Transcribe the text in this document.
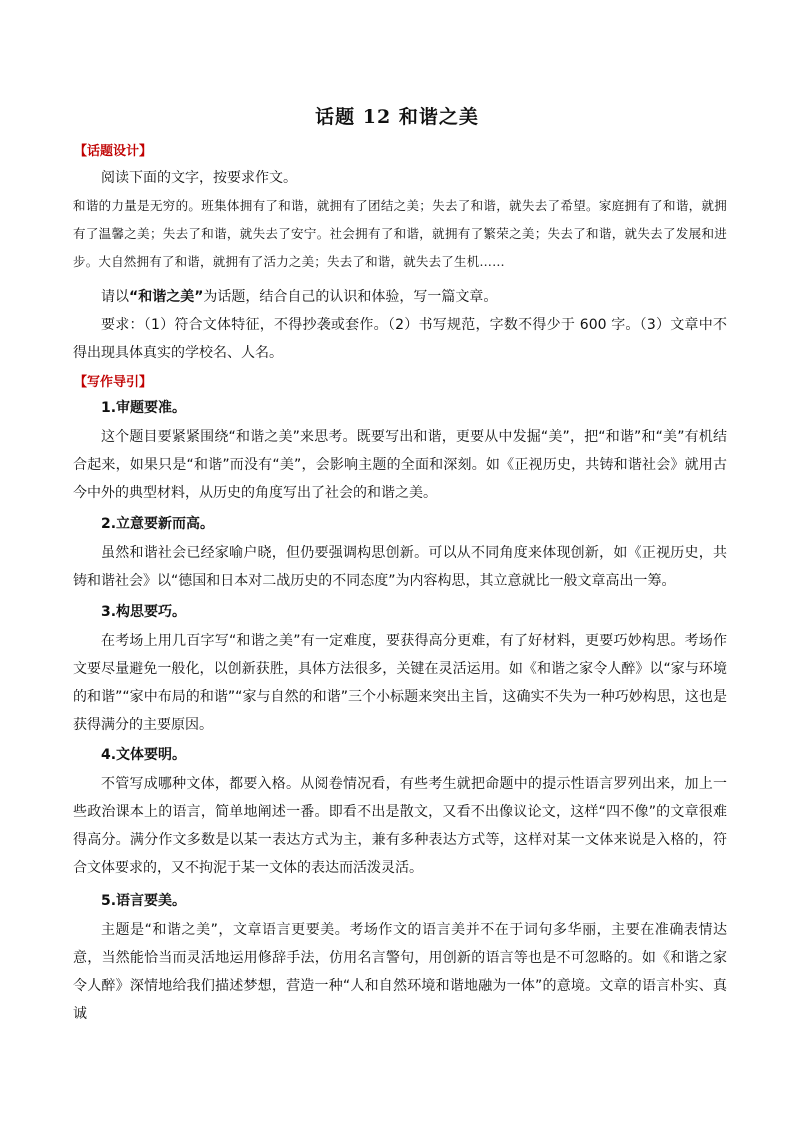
话题 12 和谐之美
【话题设计】
阅读下面的文字，按要求作文。
和谐的力量是无穷的。班集体拥有了和谐，就拥有了团结之美；失去了和谐，就失去了希望。家庭拥有了和谐，就拥有了温馨之美；失去了和谐，就失去了安宁。社会拥有了和谐，就拥有了繁荣之美；失去了和谐，就失去了发展和进步。大自然拥有了和谐，就拥有了活力之美；失去了和谐，就失去了生机……
请以“和谐之美”为话题，结合自己的认识和体验，写一篇文章。
要求：（1）符合文体特征，不得抄袭或套作。（2）书写规范，字数不得少于 600 字。（3）文章中不得出现具体真实的学校名、人名。
【写作导引】
1.审题要准。
这个题目要紧紧围绕“和谐之美”来思考。既要写出和谐，更要从中发掘“美”，把“和谐”和“美”有机结合起来，如果只是“和谐”而没有“美”，会影响主题的全面和深刻。如《正视历史，共铸和谐社会》就用古今中外的典型材料，从历史的角度写出了社会的和谐之美。
2.立意要新而高。
虽然和谐社会已经家喻户晓，但仍要强调构思创新。可以从不同角度来体现创新，如《正视历史，共铸和谐社会》以“德国和日本对二战历史的不同态度”为内容构思，其立意就比一般文章高出一筹。
3.构思要巧。
在考场上用几百字写“和谐之美”有一定难度，要获得高分更难，有了好材料，更要巧妙构思。考场作文要尽量避免一般化，以创新获胜，具体方法很多，关键在灵活运用。如《和谐之家令人醉》以“家与环境的和谐”“家中布局的和谐”“家与自然的和谐”三个小标题来突出主旨，这确实不失为一种巧妙构思，这也是获得满分的主要原因。
4.文体要明。
不管写成哪种文体，都要入格。从阅卷情况看，有些考生就把命题中的提示性语言罗列出来，加上一些政治课本上的语言，简单地阐述一番。即看不出是散文，又看不出像议论文，这样“四不像”的文章很难得高分。满分作文多数是以某一表达方式为主，兼有多种表达方式等，这样对某一文体来说是入格的，符合文体要求的，又不拘泥于某一文体的表达而活泼灵活。
5.语言要美。
主题是“和谐之美”，文章语言更要美。考场作文的语言美并不在于词句多华丽，主要在准确表情达意，当然能恰当而灵活地运用修辞手法，仿用名言警句，用创新的语言等也是不可忽略的。如《和谐之家令人醉》深情地给我们描述梦想，营造一种“人和自然环境和谐地融为一体”的意境。文章的语言朴实、真诚
